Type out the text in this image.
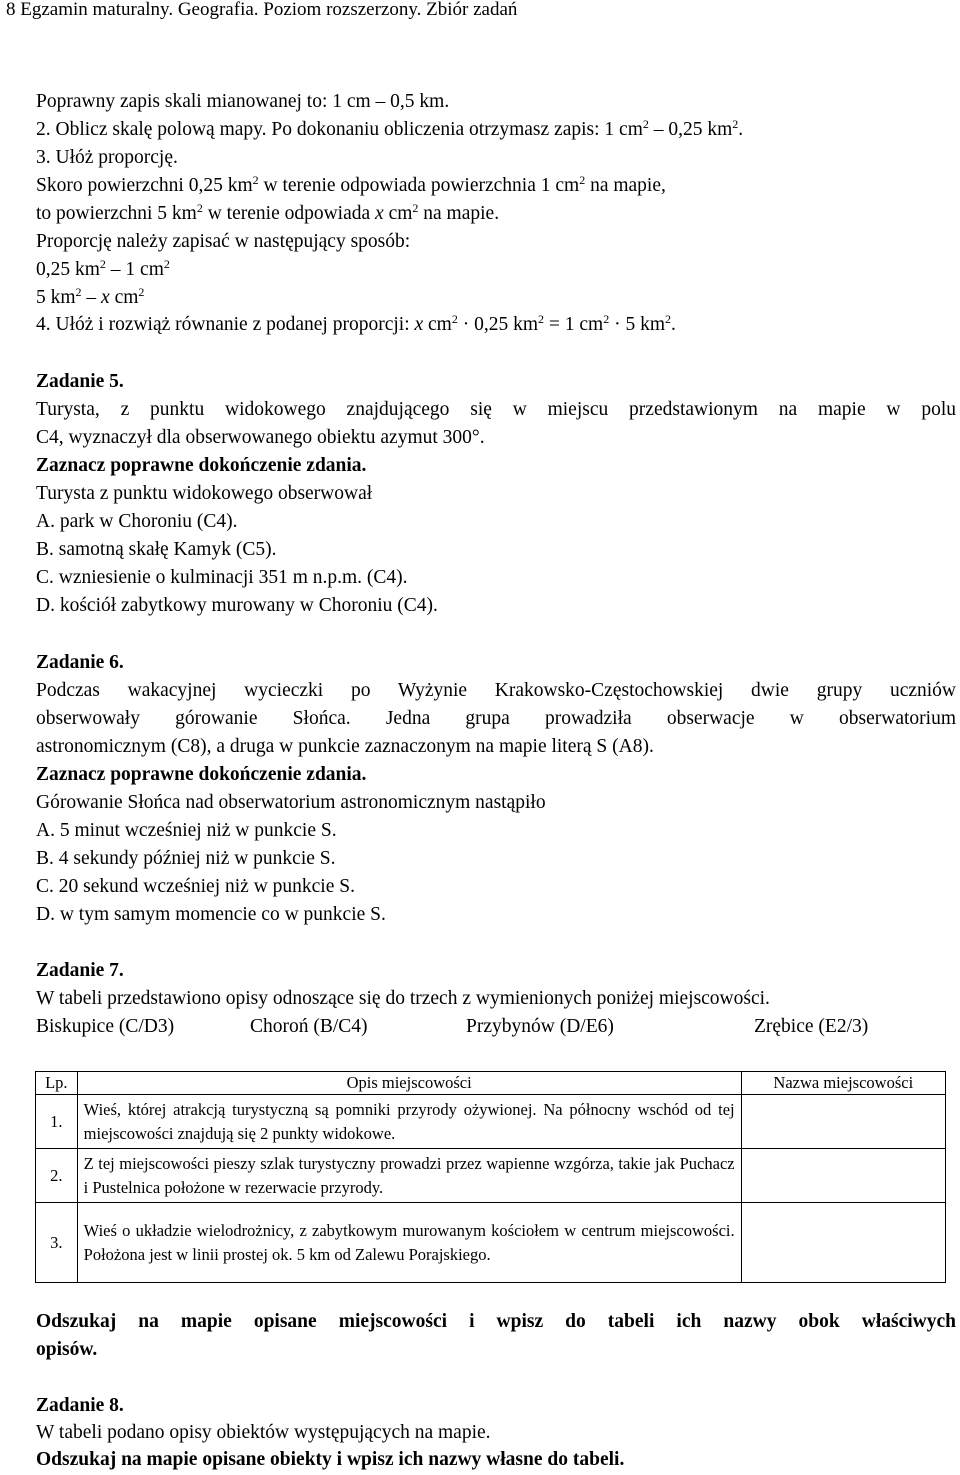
8 Egzamin maturalny. Geografia. Poziom rozszerzony. Zbiór zadań
Poprawny zapis skali mianowanej to: 1 cm – 0,5 km.
2. Oblicz skalę polową mapy. Po dokonaniu obliczenia otrzymasz zapis: 1 $cm^2 - 0,25$ $km^2$.
3. Ułóż proporcję.
Skoro powierzchni 0,25 $km^2$ w terenie odpowiada powierzchnia 1 $cm^2$ na mapie,
to powierzchni 5 $km^2$ w terenie odpowiada x $cm^2$ na mapie.
Proporcję należy zapisać w następujący sposób:
0,25 $km^2 - 1$ $cm^2$
5 $km^2$ – x $cm^2$
4. Ułóż i rozwiąż równanie z podanej proporcji: x $cm^2 \cdot 0,25$ $km^2 = 1$ $cm^2 \cdot 5$ $km^2$.
Zadanie 5.
Turysta, z punktu widokowego znajdującego się w miejscu przedstawionym na mapie w polu
C4, wyznaczył dla obserwowanego obiektu azymut 300°.
Zaznacz poprawne dokończenie zdania.
Turysta z punktu widokowego obserwował
A. park w Choroniu (C4).
B. samotną skałę Kamyk (C5).
C. wzniesienie o kulminacji 351 m n.p.m. (C4).
D. kościół zabytkowy murowany w Choroniu (C4).
Zadanie 6.
Podczas wakacyjnej wycieczki po Wyżynie Krakowsko-Częstochowskiej dwie grupy uczniów
obserwowały górowanie Słońca. Jedna grupa prowadziła obserwacje w obserwatorium
astronomicznym (C8), a druga w punkcie zaznaczonym na mapie literą S (A8).
Zaznacz poprawne dokończenie zdania.
Górowanie Słońca nad obserwatorium astronomicznym nastąpiło
A. 5 minut wcześniej niż w punkcie S.
B. 4 sekundy później niż w punkcie S.
C. 20 sekund wcześniej niż w punkcie S.
D. w tym samym momencie co w punkcie S.
Zadanie 7.
W tabeli przedstawiono opisy odnoszące się do trzech z wymienionych poniżej miejscowości.
Biskupice (C/D3)	Choroń (B/C4)	Przybynów (D/E6)	Zrębice (E2/3)
Lp.	Opis miejscowości	Nazwa miejscowości
1.	Wieś, której atrakcją turystyczną są pomniki przyrody ożywionej. Na północny wschód od tej miejscowości znajdują się 2 punkty widokowe.	
2.	Z tej miejscowości pieszy szlak turystyczny prowadzi przez wapienne wzgórza, takie jak Puchacz i Pustelnica położone w rezerwacie przyrody.	
3.	Wieś o układzie wielodrożnicy, z zabytkowym murowanym kościołem w centrum miejscowości. Położona jest w linii prostej ok. 5 km od Zalewu Porajskiego.	
Odszukaj na mapie opisane miejscowości i wpisz do tabeli ich nazwy obok właściwych
opisów.
Zadanie 8.
W tabeli podano opisy obiektów występujących na mapie.
Odszukaj na mapie opisane obiekty i wpisz ich nazwy własne do tabeli.
